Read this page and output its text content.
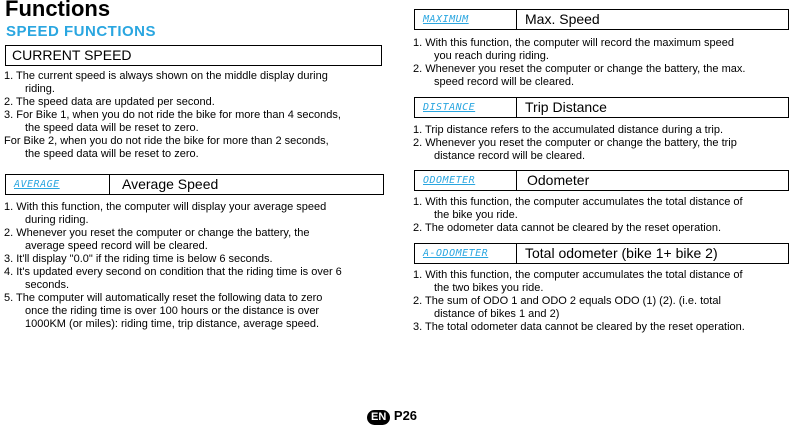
Functions
SPEED FUNCTIONS
CURRENT SPEED

1. The current speed is always shown on the middle display during

riding.

2. The speed data are updated per second.

3. For Bike 1, when you do not ride the bike for more than 4 seconds,

the speed data will be reset to zero.

For Bike 2, when you do not ride the bike for more than 2 seconds,

the speed data will be reset to zero.

AVERAGE	Average Speed

1. With this function, the computer will display your average speed

during riding.

2. Whenever you reset the computer or change the battery, the

average speed record will be cleared.

3. It'll display "0.0" if the riding time is below 6 seconds.

4. It's updated every second on condition that the riding time is over 6

seconds.

5. The computer will automatically reset the following data to zero

once the riding time is over 100 hours or the distance is over

1000KM (or miles): riding time, trip distance, average speed.

MAXIMUM	Max. Speed

1. With this function, the computer will record the maximum speed

you reach during riding.

2. Whenever you reset the computer or change the battery, the max.

speed record will be cleared.

DISTANCE	Trip Distance

1. Trip distance refers to the accumulated distance during a trip.

2. Whenever you reset the computer or change the battery, the trip

distance record will be cleared.

ODOMETER	Odometer

1. With this function, the computer accumulates the total distance of

the bike you ride.

2. The odometer data cannot be cleared by the reset operation.

A-ODOMETER	Total odometer (bike 1+ bike 2)

1. With this function, the computer accumulates the total distance of

the two bikes you ride.

2. The sum of ODO 1 and ODO 2 equals ODO (1) (2). (i.e. total

distance of bikes 1 and 2)

3. The total odometer data cannot be cleared by the reset operation.

EN P26
